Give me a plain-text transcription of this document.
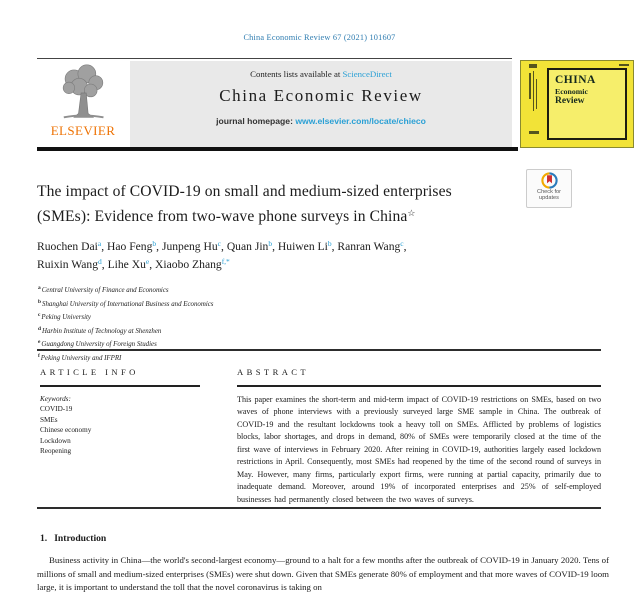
China Economic Review 67 (2021) 101607
ELSEVIER
Contents lists available at ScienceDirect
China Economic Review
journal homepage: www.elsevier.com/locate/chieco
CHINA
Economic
Review
The impact of COVID-19 on small and medium-sized enterprises
(SMEs): Evidence from two-wave phone surveys in China☆
Check for
updates
Ruochen Dai$^a$, Hao Feng$^b$, Junpeng Hu$^c$, Quan Jin$^b$, Huiwen Li$^b$, Ranran Wang$^c$,
Ruixin Wang$^d$, Lihe Xu$^e$, Xiaobo Zhang$^{f,*}$
$^a$Central University of Finance and Economics
$^b$Shanghai University of International Business and Economics
$^c$Peking University
$^d$Harbin Institute of Technology at Shenzhen
$^e$Guangdong University of Foreign Studies
$^f$Peking University and IFPRI
ARTICLE INFO
Keywords:
COVID-19
SMEs
Chinese economy
Lockdown
Reopening
ABSTRACT

This paper examines the short-term and mid-term impact of COVID-19 restrictions on SMEs, based on two waves of phone interviews with a previously surveyed large SME sample in China. The outbreak of COVID-19 and the resultant lockdowns took a heavy toll on SMEs. Afflicted by problems of logistics blocks, labor shortages, and drops in demand, 80% of SMEs were temporarily closed at the time of the first wave of interviews in February 2020. After reining in COVID-19, authorities largely eased lockdown restrictions in April. Consequently, most SMEs had reopened by the time of the second round of surveys in May. However, many firms, particularly export firms, were running at partial capacity, primarily due to inadequate demand. Moreover, around 19% of incorporated enterprises and 25% of self-employed businesses had permanently closed between the two waves of surveys.

1. Introduction

Business activity in China—the world's second-largest economy—ground to a halt for a few months after the outbreak of COVID-19 in January 2020. Tens of millions of small and medium-sized enterprises (SMEs) were shut down. Given that SMEs generate 80% of employment and that more waves of COVID-19 loom large, it is important to understand the toll that the novel coronavirus is taking on
